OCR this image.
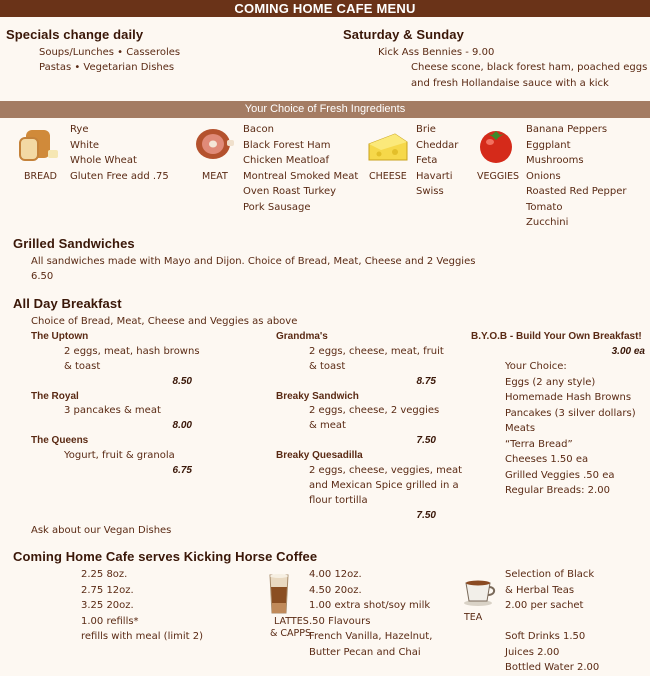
COMING HOME CAFE MENU
Specials change daily
Soups/Lunches • Casseroles
Pastas • Vegetarian Dishes
Saturday & Sunday
Kick Ass Bennies - 9.00
Cheese scone, black forest ham, poached eggs
and fresh Hollandaise sauce with a kick
Your Choice of Fresh Ingredients
BREAD
Rye
White
Whole Wheat
Gluten Free add .75	MEAT
Bacon
Black Forest Ham
Chicken Meatloaf
Montreal Smoked Meat
Oven Roast Turkey
Pork Sausage
CHEESE
Brie
Cheddar
Feta
Havarti
Swiss
VEGGIES
Banana Peppers
Eggplant
Mushrooms
Onions
Roasted Red Pepper
Tomato
Zucchini
Grilled Sandwiches
All sandwiches made with Mayo and Dijon. Choice of Bread, Meat, Cheese and 2 Veggies
6.50
All Day Breakfast
Choice of Bread, Meat, Cheese and Veggies as above
The Uptown
2 eggs, meat, hash browns
& toast
8.50
The Royal
3 pancakes & meat
8.00
The Queens
Yogurt, fruit & granola
6.75
Grandma's
2 eggs, cheese, meat, fruit
& toast
8.75
Breaky Sandwich
2 eggs, cheese, 2 veggies
& meat
7.50
Breaky Quesadilla
2 eggs, cheese, veggies, meat
and Mexican Spice grilled in a
flour tortilla
7.50
B.Y.O.B - Build Your Own Breakfast!
3.00 ea
Your Choice:
Eggs (2 any style)
Homemade Hash Browns
Pancakes (3 silver dollars)
Meats
“Terra Bread”
Cheeses 1.50 ea
Grilled Veggies .50 ea
Regular Breads: 2.00
Ask about our Vegan Dishes
Coming Home Cafe serves Kicking Horse Coffee
2.25 8oz.
2.75 12oz.
3.25 20oz.
1.00 refills*
refills with meal (limit 2)
LATTES
& CAPPS
4.00 12oz.
4.50 20oz.
1.00 extra shot/soy milk
.50 Flavours
French Vanilla, Hazelnut,
Butter Pecan and Chai
TEA
Selection of Black
& Herbal Teas
2.00 per sachet
Soft Drinks 1.50
Juices 2.00
Bottled Water 2.00
